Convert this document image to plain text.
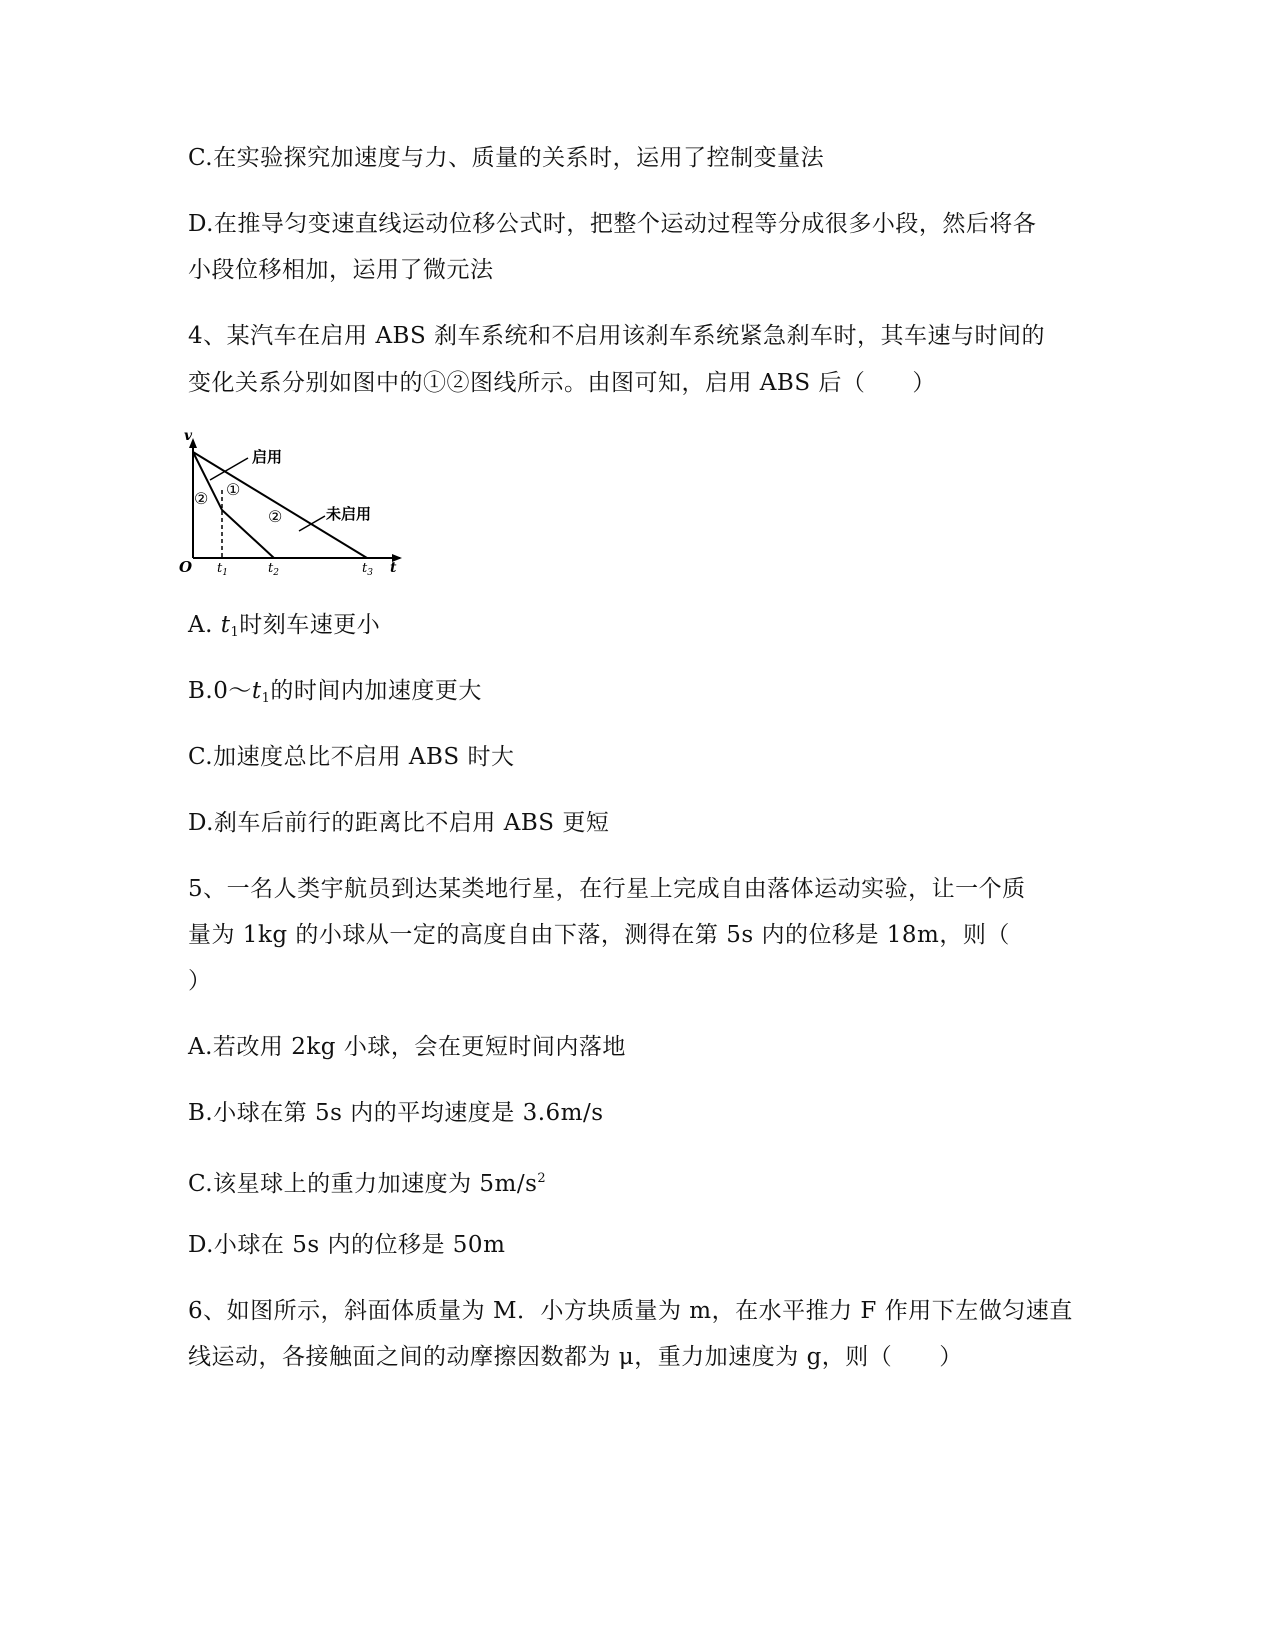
C.在实验探究加速度与力、质量的关系时，运用了控制变量法
D.在推导匀变速直线运动位移公式时，把整个运动过程等分成很多小段，然后将各
小段位移相加，运用了微元法
4、某汽车在启用 ABS 刹车系统和不启用该刹车系统紧急刹车时，其车速与时间的
变化关系分别如图中的①②图线所示。由图可知，启用 ABS 后（　　）
v
启用
未启用
①
②
②
O $t_1$	$t_2$	$t_3$ t
A. $t_1$时刻车速更小
$B.0\sim t_1$的时间内加速度更大
C.加速度总比不启用 ABS 时大
D.刹车后前行的距离比不启用 ABS 更短
5、一名人类宇航员到达某类地行星，在行星上完成自由落体运动实验，让一个质
量为 1kg 的小球从一定的高度自由下落，测得在第 5s 内的位移是 18m，则（
）
A.若改用 2kg 小球，会在更短时间内落地
B.小球在第 5s 内的平均速度是 3.6m/s
C.该星球上的重力加速度为 $5m/s^2$
D.小球在 5s 内的位移是 50m
6、如图所示，斜面体质量为 M．小方块质量为 m，在水平推力 F 作用下左做匀速直
线运动，各接触面之间的动摩擦因数都为 μ，重力加速度为 g，则（　　）
